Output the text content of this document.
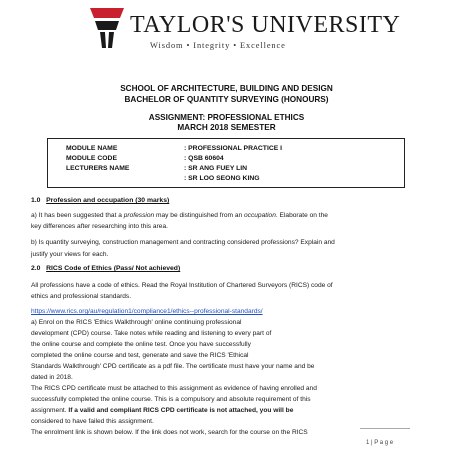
TAYLOR'S UNIVERSITY
Wisdom • Integrity • Excellence
SCHOOL OF ARCHITECTURE, BUILDING AND DESIGN
BACHELOR OF QUANTITY SURVEYING (HONOURS)
ASSIGNMENT: PROFESSIONAL ETHICS
MARCH 2018 SEMESTER
MODULE NAME	: PROFESSIONAL PRACTICE I
MODULE CODE	: QSB 60604
LECTURERS NAME	: SR ANG FUEY LIN
: SR LOO SEONG KING
1.0 Profession and occupation (30 marks)
a) It has been suggested that a profession may be distinguished from an occupation. Elaborate on the
key differences after researching into this area.
b) Is quantity surveying, construction management and contracting considered professions? Explain and
justify your views for each.
2.0 RICS Code of Ethics (Pass/ Not achieved)
All professions have a code of ethics. Read the Royal Institution of Chartered Surveyors (RICS) code of
ethics and professional standards.
https://www.rics.org/au/regulation1/compliance1/ethics--professional-standards/
a) Enrol on the RICS 'Ethics Walkthrough' online continuing professional
development (CPD) course. Take notes while reading and listening to every part of
the online course and complete the online test. Once you have successfully
completed the online course and test, generate and save the RICS 'Ethical
Standards Walkthrough' CPD certificate as a pdf file. The certificate must have your name and be
dated in 2018.
The RICS CPD certificate must be attached to this assignment as evidence of having enrolled and
successfully completed the online course. This is a compulsory and absolute requirement of this
assignment. If a valid and compliant RICS CPD certificate is not attached, you will be
considered to have failed this assignment.
The enrolment link is shown below. If the link does not work, search for the course on the RICS
1 | P a g e
